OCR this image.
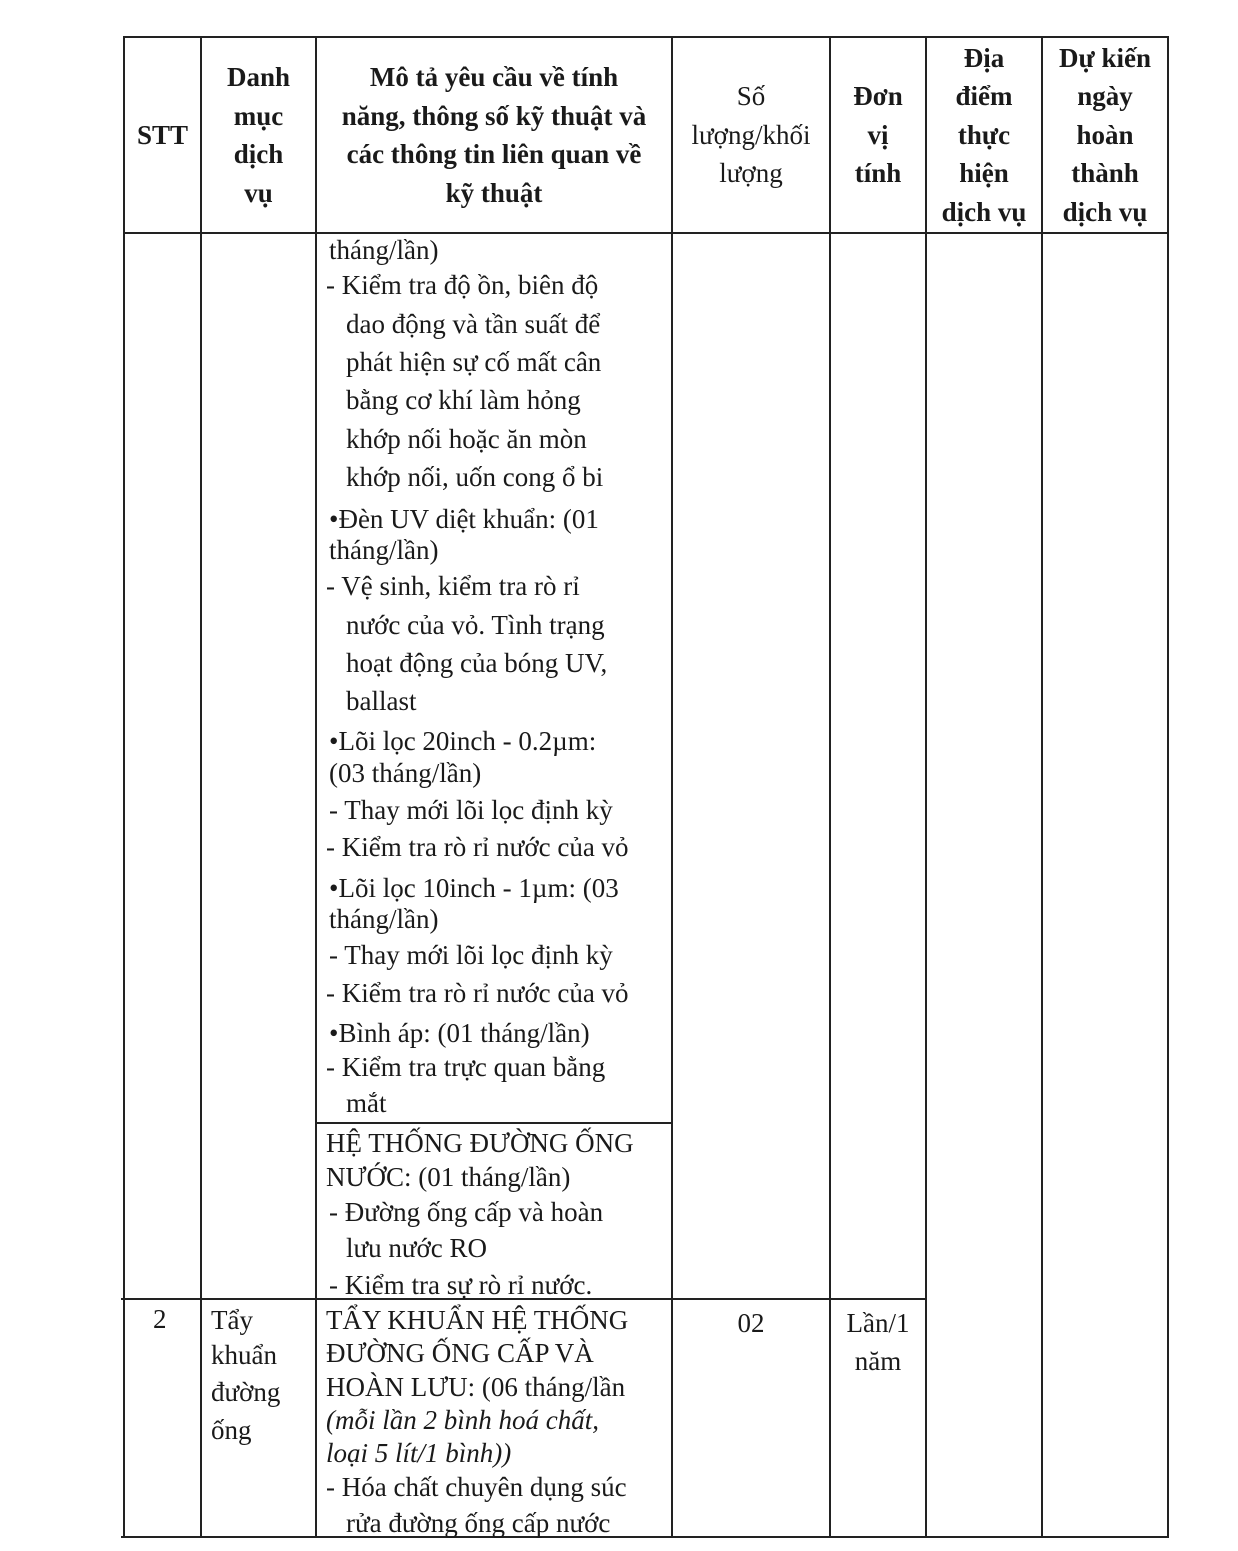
STT
Danh
mục
dịch
vụ
Mô tả yêu cầu về tính
năng, thông số kỹ thuật và
các thông tin liên quan về
kỹ thuật
Số
lượng/khối
lượng
Đơn
vị
tính
Địa
điểm
thực
hiện
dịch vụ
Dự kiến
ngày
hoàn
thành
dịch vụ
tháng/lần)
- Kiểm tra độ ồn, biên độ
dao động và tần suất để
phát hiện sự cố mất cân
bằng cơ khí làm hỏng
khớp nối hoặc ăn mòn
khớp nối, uốn cong ổ bi
•Đèn UV diệt khuẩn: (01
tháng/lần)
- Vệ sinh, kiểm tra rò rỉ
nước của vỏ. Tình trạng
hoạt động của bóng UV,
ballast
•Lõi lọc 20inch - 0.2µm:
(03 tháng/lần)
- Thay mới lõi lọc định kỳ
- Kiểm tra rò rỉ nước của vỏ
•Lõi lọc 10inch - 1µm: (03
tháng/lần)
- Thay mới lõi lọc định kỳ
- Kiểm tra rò rỉ nước của vỏ
•Bình áp: (01 tháng/lần)
- Kiểm tra trực quan bằng
mắt
HỆ THỐNG ĐƯỜNG ỐNG
NƯỚC: (01 tháng/lần)
- Đường ống cấp và hoàn
lưu nước RO
- Kiểm tra sự rò rỉ nước.
2 Tẩy
khuẩn
đường
ống
TẨY KHUẨN HỆ THỐNG
ĐƯỜNG ỐNG CẤP VÀ
HOÀN LƯU: (06 tháng/lần
(mỗi lần 2 bình hoá chất,
loại 5 lít/1 bình))
- Hóa chất chuyên dụng súc
rửa đường ống cấp nước
02	Lần/1
năm
